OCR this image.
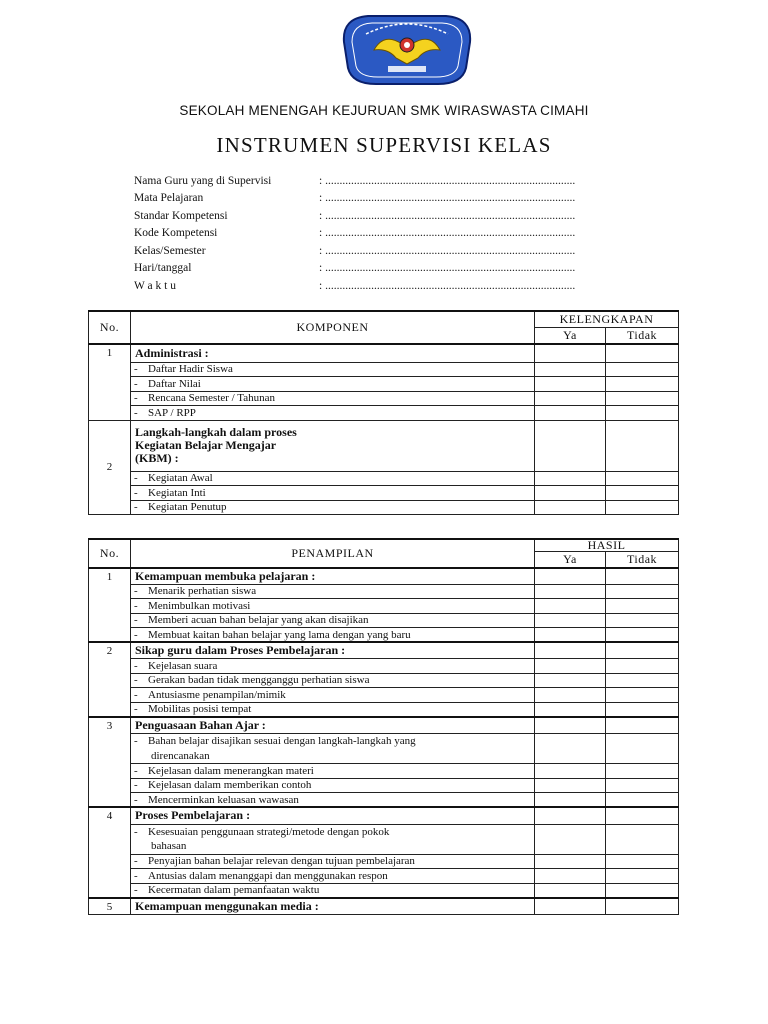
SEKOLAH MENENGAH KEJURUAN SMK WIRASWASTA CIMAHI
INSTRUMEN SUPERVISI KELAS
Nama Guru yang di Supervisi	: .......................................................................................
Mata Pelajaran	: .......................................................................................
Standar Kompetensi	: .......................................................................................
Kode Kompetensi	: .......................................................................................
Kelas/Semester	: .......................................................................................
Hari/tanggal	: .......................................................................................
W a k t u	: .......................................................................................
No.	KOMPONEN	KELENGKAPAN	
		Ya	Tidak
1	Administrasi :		
	- Daftar Hadir Siswa		
	- Daftar Nilai		
	- Rencana Semester / Tahunan		
	- SAP / RPP		
2	Langkah-langkah dalam proses Kegiatan Belajar Mengajar (KBM) :		
	- Kegiatan Awal		
	- Kegiatan Inti		
	- Kegiatan Penutup		
No.	PENAMPILAN	HASIL	
		Ya	Tidak
1	Kemampuan membuka pelajaran :		
	- Menarik perhatian siswa		
	- Menimbulkan motivasi		
	- Memberi acuan bahan belajar yang akan disajikan		
	- Membuat kaitan bahan belajar yang lama dengan yang baru		
2	Sikap guru dalam Proses Pembelajaran :		
	- Kejelasan suara		
	- Gerakan badan tidak mengganggu perhatian siswa		
	- Antusiasme penampilan/mimik		
	- Mobilitas posisi tempat		
3	Penguasaan Bahan Ajar :		
	- Bahan belajar disajikan sesuai dengan langkah-langkah yang
direncanakan		
	- Kejelasan dalam menerangkan materi		
	- Kejelasan dalam memberikan contoh		
	- Mencerminkan keluasan wawasan		
4	Proses Pembelajaran :		
	- Kesesuaian penggunaan strategi/metode dengan pokok
bahasan		
	- Penyajian bahan belajar relevan dengan tujuan pembelajaran		
	- Antusias dalam menanggapi dan menggunakan respon		
	- Kecermatan dalam pemanfaatan waktu		
5	Kemampuan menggunakan media :		
